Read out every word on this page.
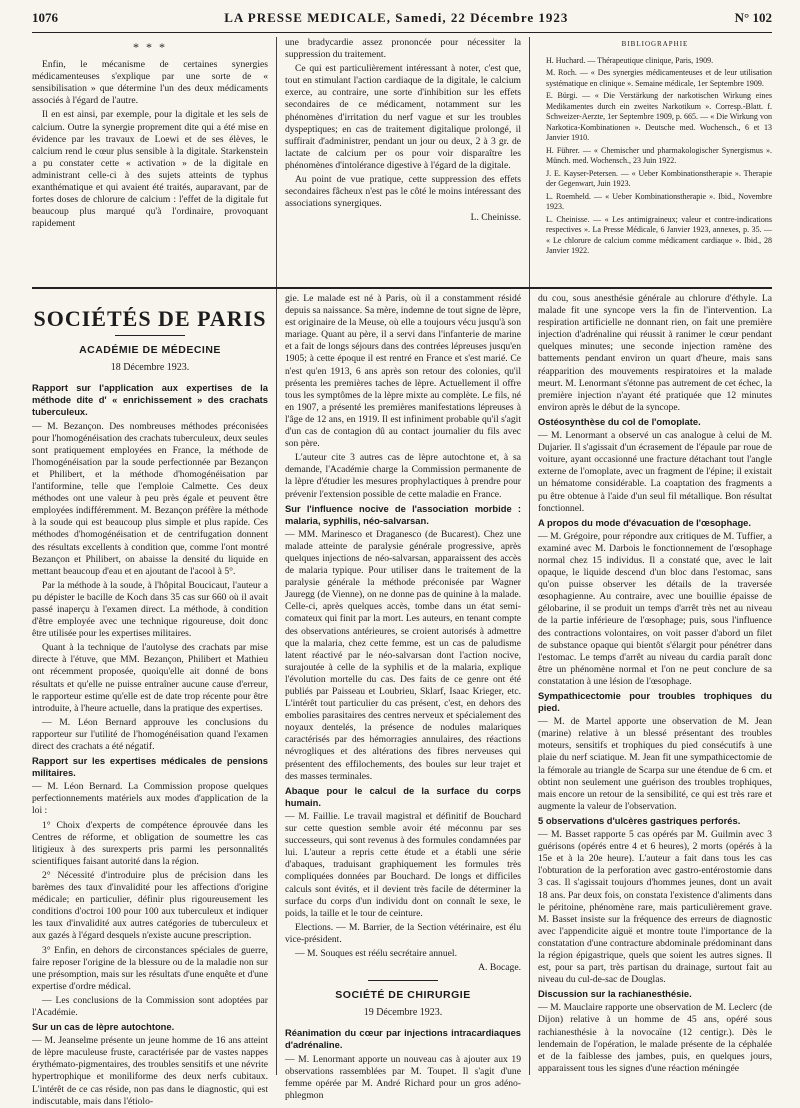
1076	LA PRESSE MEDICALE, Samedi, 22 Décembre 1923	N° 102
* * *

Enfin, le mécanisme de certaines synergies médicamenteuses s'explique par une sorte de « sensibilisation » que détermine l'un des deux médicaments associés à l'égard de l'autre.

Il en est ainsi, par exemple, pour la digitale et les sels de calcium. Outre la synergie proprement dite qui a été mise en évidence par les travaux de Loewi et de ses élèves, le calcium rend le cœur plus sensible à la digitale. Starkenstein a pu constater cette « activation » de la digitale en administrant celle-ci à des sujets atteints de typhus exanthématique et qui avaient été traités, auparavant, par de fortes doses de chlorure de calcium : l'effet de la digitale fut beaucoup plus marqué qu'à l'ordinaire, provoquant rapidement

une bradycardie assez prononcée pour nécessiter la suppression du traitement.

Ce qui est particulièrement intéressant à noter, c'est que, tout en stimulant l'action cardiaque de la digitale, le calcium exerce, au contraire, une sorte d'inhibition sur les effets secondaires de ce médicament, notamment sur les phénomènes d'irritation du nerf vague et sur les troubles dyspeptiques; en cas de traitement digitalique prolongé, il suffirait d'administrer, pendant un jour ou deux, 2 à 3 gr. de lactate de calcium per os pour voir disparaître les phénomènes d'intolérance digestive à l'égard de la digitale.

Au point de vue pratique, cette suppression des effets secondaires fâcheux n'est pas le côté le moins intéressant des associations synergiques.

L. Cheinisse.
BIBLIOGRAPHIE

H. Huchard. — Thérapeutique clinique, Paris, 1909.

M. Roch. — « Des synergies médicamenteuses et de leur utilisation systématique en clinique ». Semaine médicale, 1er Septembre 1909.

E. Bürgi. — « Die Verstärkung der narkotischen Wirkung eines Medikamentes durch ein zweites Narkotikum ». Corresp.-Blatt. f. Schweizer-Aerzte, 1er Septembre 1909, p. 665. — « Die Wirkung von Narkotica-Kombinationen ». Deutsche med. Wochensch., 6 et 13 Janvier 1910.

H. Führer. — « Chemischer und pharmakologischer Synergismus ». Münch. med. Wochensch., 23 Juin 1922.

J. E. Kayser-Petersen. — « Ueber Kombinationstherapie ». Therapie der Gegenwart, Juin 1923.

L. Roemheld. — « Ueber Kombinationstherapie ». Ibid., Novembre 1923.

L. Cheinisse. — « Les antimigraineux; valeur et contre-indications respectives ». La Presse Médicale, 6 Janvier 1923, annexes, p. 35. — « Le chlorure de calcium comme médicament cardiaque ». Ibid., 28 Janvier 1922.

SOCIÉTÉS DE PARIS
ACADÉMIE DE MÉDECINE
18 Décembre 1923.

Rapport sur l'application aux expertises de la méthode dite d' « enrichissement » des crachats tuberculeux.

— M. Bezançon. Des nombreuses méthodes préconisées pour l'homogénéisation des crachats tuberculeux, deux seules sont pratiquement employées en France, la méthode de l'homogénéisation par la soude perfectionnée par Bezançon et Philibert, et la méthode d'homogénéisation par l'antiformine, telle que l'emploie Calmette. Ces deux méthodes ont une valeur à peu près égale et peuvent être employées indifféremment. M. Bezançon préfère la méthode à la soude qui est beaucoup plus simple et plus rapide. Ces méthodes d'homogénéisation et de centrifugation donnent des résultats excellents à condition que, comme l'ont montré Bezançon et Philibert, on abaisse la densité du liquide en mettant beaucoup d'eau et en ajoutant de l'acool à 5°.

Par la méthode à la soude, à l'hôpital Boucicaut, l'auteur a pu dépister le bacille de Koch dans 35 cas sur 660 où il avait passé inaperçu à l'examen direct. La méthode, à condition d'être employée avec une technique rigoureuse, doit donc être utilisée pour les expertises militaires.

Quant à la technique de l'autolyse des crachats par mise directe à l'étuve, que MM. Bezançon, Philibert et Mathieu ont récemment proposée, quoiqu'elle ait donné de bons résultats et qu'elle ne puisse entraîner aucune cause d'erreur, le rapporteur estime qu'elle est de date trop récente pour être introduite, à l'heure actuelle, dans la pratique des expertises.

— M. Léon Bernard approuve les conclusions du rapporteur sur l'utilité de l'homogénéisation quand l'examen direct des crachats a été négatif.

Rapport sur les expertises médicales de pensions militaires.

— M. Léon Bernard. La Commission propose quelques perfectionnements matériels aux modes d'application de la loi :

1° Choix d'experts de compétence éprouvée dans les Centres de réforme, et obligation de soumettre les cas litigieux à des surexperts pris parmi les personnalités scientifiques faisant autorité dans la région.

2° Nécessité d'introduire plus de précision dans les barèmes des taux d'invalidité pour les affections d'origine médicale; en particulier, définir plus rigoureusement les conditions d'octroi 100 pour 100 aux tuberculeux et indiquer les taux d'invalidité aux autres catégories de tuberculeux et aux gazés à l'égard desquels n'existe aucune prescription.

3° Enfin, en dehors de circonstances spéciales de guerre, faire reposer l'origine de la blessure ou de la maladie non sur une présomption, mais sur les résultats d'une enquête et d'une expertise d'ordre médical.

— Les conclusions de la Commission sont adoptées par l'Académie.

Sur un cas de lèpre autochtone.

— M. Jeanselme présente un jeune homme de 16 ans atteint de lèpre maculeuse fruste, caractérisée par de vastes nappes érythémato-pigmentaires, des troubles sensitifs et une névrite hypertrophique et moniliforme des deux nerfs cubitaux. L'intérêt de ce cas réside, non pas dans le diagnostic, qui est indiscutable, mais dans l'étiolo-

gie. Le malade est né à Paris, où il a constamment résidé depuis sa naissance. Sa mère, indemne de tout signe de lèpre, est originaire de la Meuse, où elle a toujours vécu jusqu'à son mariage. Quant au père, il a servi dans l'infanterie de marine et a fait de longs séjours dans des contrées lépreuses jusqu'en 1905; à cette époque il est rentré en France et s'est marié. Ce n'est qu'en 1913, 6 ans après son retour des colonies, qu'il présenta les premières taches de lèpre. Actuellement il offre tous les symptômes de la lèpre mixte au complète. Le fils, né en 1907, a présenté les premières manifestations lépreuses à l'âge de 12 ans, en 1919. Il est infiniment probable qu'il s'agit d'un cas de contagion dû au contact journalier du fils avec son père.

L'auteur cite 3 autres cas de lèpre autochtone et, à sa demande, l'Académie charge la Commission permanente de la lèpre d'étudier les mesures prophylactiques à prendre pour prévenir l'extension possible de cette maladie en France.

Sur l'influence nocive de l'association morbide : malaria, syphilis, néo-salvarsan.

— MM. Marinesco et Draganesco (de Bucarest). Chez une malade atteinte de paralysie générale progressive, après quelques injections de néo-salvarsan, apparaissent des accès de malaria typique. Pour utiliser dans le traitement de la paralysie générale la méthode préconisée par Wagner Jauregg (de Vienne), on ne donne pas de quinine à la malade. Celle-ci, après quelques accès, tombe dans un état semi-comateux qui finit par la mort. Les auteurs, en tenant compte des observations antérieures, se croient autorisés à admettre que la malaria, chez cette femme, est un cas de paludisme latent réactivé par le néo-salvarsan dont l'action nocive, surajoutée à celle de la syphilis et de la malaria, explique l'évolution mortelle du cas. Des faits de ce genre ont été publiés par Paisseau et Loubrieu, Sklarf, Isaac Krieger, etc. L'intérêt tout particulier du cas présent, c'est, en dehors des embolies parasitaires des centres nerveux et spécialement des noyaux dentelés, la présence de nodules malariques caractérisés par des hémorragies annulaires, des réactions névrogliques et des altérations des fibres nerveuses qui présentent des effilochements, des boules sur leur trajet et des masses terminales.

Abaque pour le calcul de la surface du corps humain.

— M. Faillie. Le travail magistral et définitif de Bouchard sur cette question semble avoir été méconnu par ses successeurs, qui sont revenus à des formules condamnées par lui. L'auteur a repris cette étude et a établi une série d'abaques, traduisant graphiquement les formules très compliquées données par Bouchard. De longs et difficiles calculs sont évités, et il devient très facile de déterminer la surface du corps d'un individu dont on connaît le sexe, le poids, la taille et le tour de ceinture.

Elections. — M. Barrier, de la Section vétérinaire, est élu vice-président.

— M. Souques est réélu secrétaire annuel.

A. Bocage.
SOCIÉTÉ DE CHIRURGIE
19 Décembre 1923.

Réanimation du cœur par injections intracardiaques d'adrénaline.

— M. Lenormant apporte un nouveau cas à ajouter aux 19 observations rassemblées par M. Toupet. Il s'agit d'une femme opérée par M. André Richard pour un gros adéno-phlegmon

du cou, sous anesthésie générale au chlorure d'éthyle. La malade fit une syncope vers la fin de l'intervention. La respiration artificielle ne donnant rien, on fait une première injection d'adrénaline qui réussit à ranimer le cœur pendant quelques minutes; une seconde injection ramène des battements pendant environ un quart d'heure, mais sans réapparition des mouvements respiratoires et la malade meurt. M. Lenormant s'étonne pas autrement de cet échec, la première injection n'ayant été pratiquée que 12 minutes environ après le début de la syncope.

Ostéosynthèse du col de l'omoplate.

— M. Lenormant a observé un cas analogue à celui de M. Dujarier. Il s'agissait d'un écrasement de l'épaule par roue de voiture, ayant occasionné une fracture détachant tout l'angle externe de l'omoplate, avec un fragment de l'épine; il existait un hématome considérable. La coaptation des fragments a pu être obtenue à l'aide d'un seul fil métallique. Bon résultat fonctionnel.

A propos du mode d'évacuation de l'œsophage.

— M. Grégoire, pour répondre aux critiques de M. Tuffier, a examiné avec M. Darbois le fonctionnement de l'œsophage normal chez 15 individus. Il a constaté que, avec le lait opaque, le liquide descend d'un bloc dans l'estomac, sans qu'on puisse observer les détails de la traversée œsophagienne. Au contraire, avec une bouillie épaisse de gélobarine, il se produit un temps d'arrêt très net au niveau de la partie inférieure de l'œsophage; puis, sous l'influence des contractions volontaires, on voit passer d'abord un filet de substance opaque qui bientôt s'élargit pour pénétrer dans l'estomac. Le temps d'arrêt au niveau du cardia paraît donc être un phénomène normal et l'on ne peut conclure de sa constatation à une lésion de l'œsophage.

Sympathicectomie pour troubles trophiques du pied.

— M. de Martel apporte une observation de M. Jean (marine) relative à un blessé présentant des troubles moteurs, sensitifs et trophiques du pied consécutifs à une plaie du nerf sciatique. M. Jean fit une sympathicectomie de la fémorale au triangle de Scarpa sur une étendue de 6 cm. et obtint non seulement une guérison des troubles trophiques, mais encore un retour de la sensibilité, ce qui est très rare et augmente la valeur de l'observation.

5 observations d'ulcères gastriques perforés.

— M. Basset rapporte 5 cas opérés par M. Guilmin avec 3 guérisons (opérés entre 4 et 6 heures), 2 morts (opérés à la 15e et à la 20e heure). L'auteur a fait dans tous les cas l'obturation de la perforation avec gastro-entérostomie dans 3 cas. Il s'agissait toujours d'hommes jeunes, dont un avait 18 ans. Par deux fois, on constata l'existence d'aliments dans le péritoine, phénomène rare, mais particulièrement grave. M. Basset insiste sur la fréquence des erreurs de diagnostic avec l'appendicite aiguë et montre toute l'importance de la constatation d'une contracture abdominale prédominant dans la région épigastrique, quels que soient les autres signes. Il est, pour sa part, très partisan du drainage, surtout fait au niveau du cul-de-sac de Douglas.

Discussion sur la rachianesthésie.

— M. Mauclaire rapporte une observation de M. Leclerc (de Dijon) relative à un homme de 45 ans, opéré sous rachianesthésie à la novocaïne (12 centigr.). Dès le lendemain de l'opération, le malade présente de la céphalée et de la faiblesse des jambes, puis, en quelques jours, apparaissent tous les signes d'une réaction méningée
